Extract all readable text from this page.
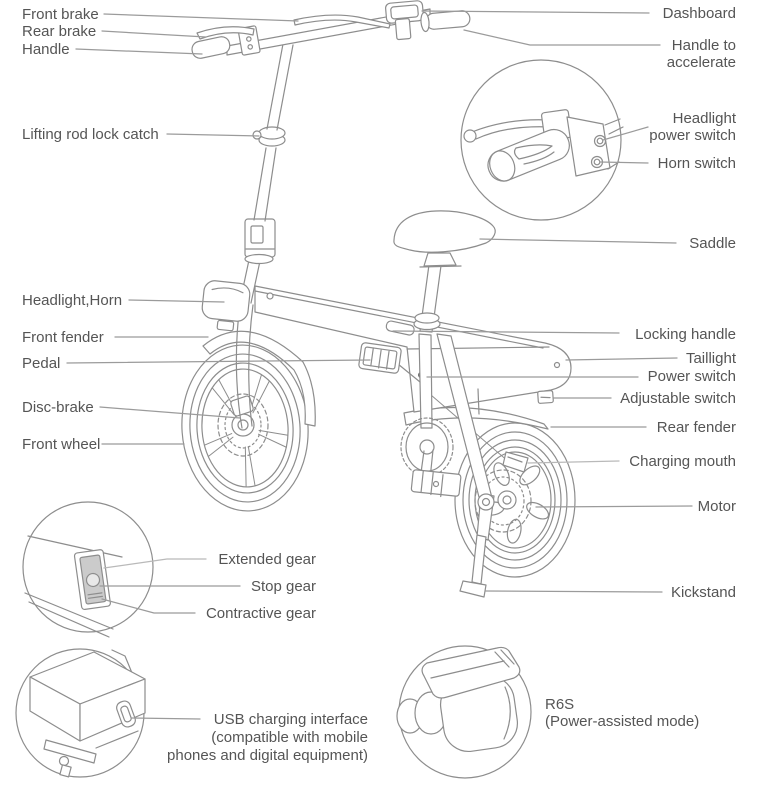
Front brake
Rear brake
Handle
Lifting rod lock catch
Headlight,Horn
Front fender
Pedal
Disc-brake
Front wheel
Dashboard
Handle to accelerate
Headlight power switch
Horn switch
Saddle
Locking handle
Taillight
Power switch
Adjustable switch
Rear fender
Charging mouth
Motor
Kickstand
Extended gear
Stop gear
Contractive gear
USB charging interface
(compatible with mobile
phones and digital equipment)
R6S
(Power-assisted mode)
